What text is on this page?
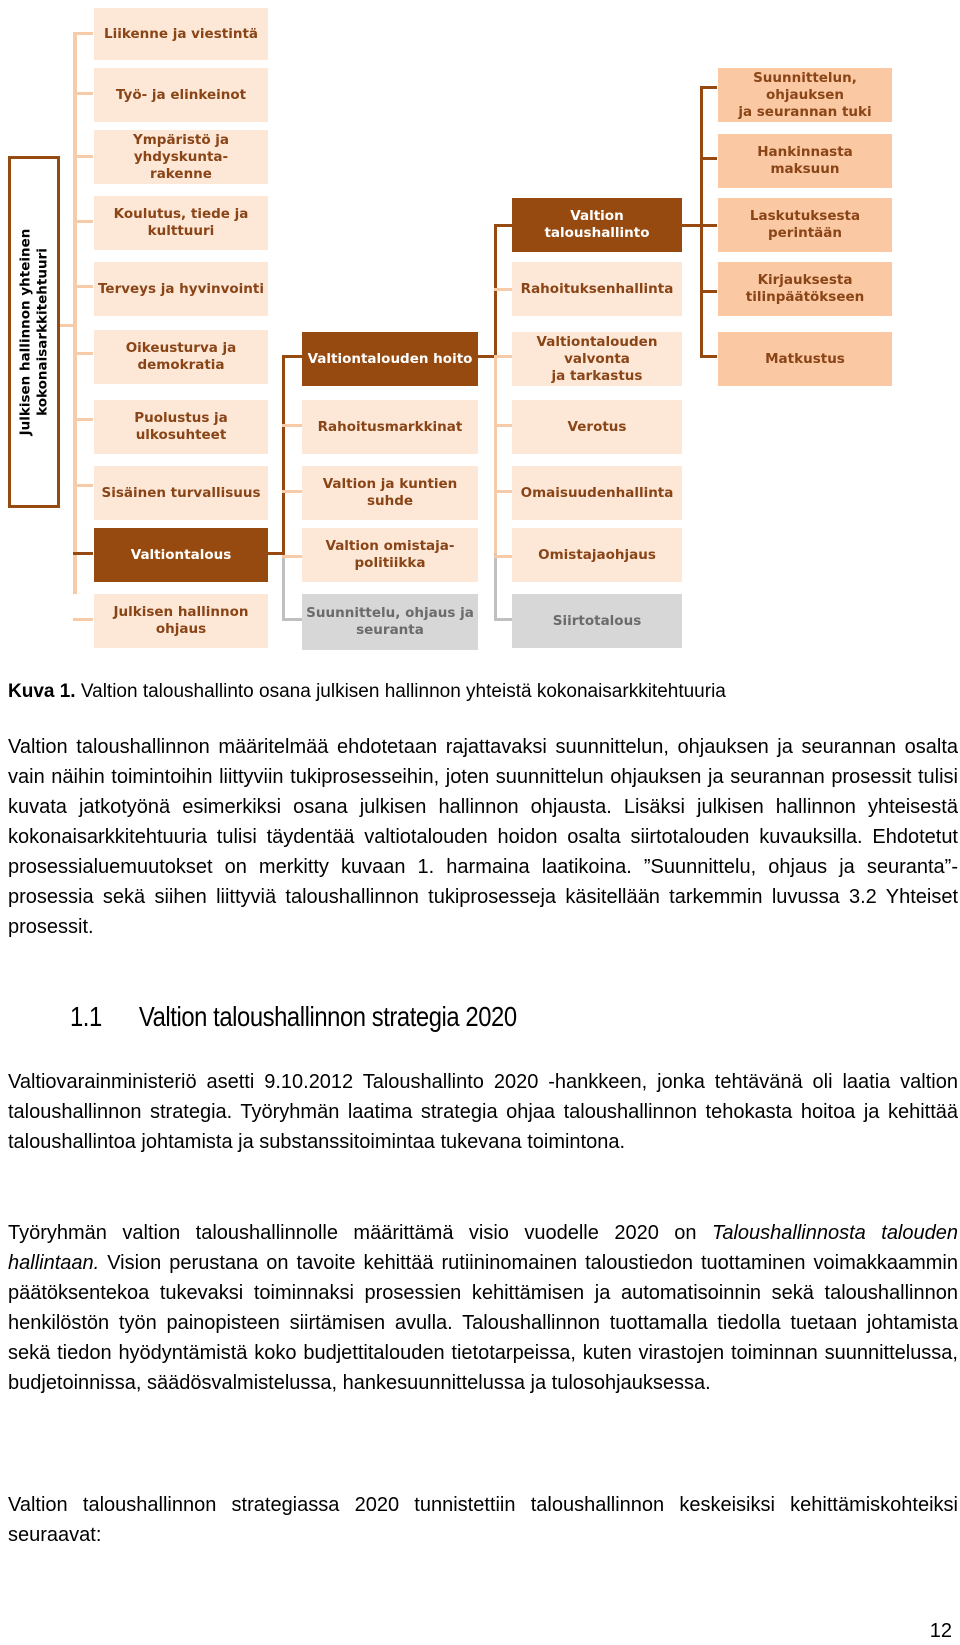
Julkisen hallinnon yhteinen kokonaisarkkitehtuuri
Liikenne ja viestintä
Työ- ja elinkeinot
Ympäristö ja yhdyskunta-
rakenne
Koulutus, tiede ja
kulttuuri
Terveys ja hyvinvointi
Oikeusturva ja
demokratia
Puolustus ja ulkosuhteet
Sisäinen turvallisuus
Valtiontalous
Julkisen hallinnon
ohjaus
Valtiontalouden hoito
Rahoitusmarkkinat
Valtion ja kuntien suhde
Valtion omistaja-
politiikka
Suunnittelu, ohjaus ja
seuranta
Valtion taloushallinto
Rahoituksenhallinta
Valtiontalouden valvonta
ja tarkastus
Verotus
Omaisuudenhallinta
Omistajaohjaus
Siirtotalous
Suunnittelun, ohjauksen
ja seurannan tuki
Hankinnasta
maksuun
Laskutuksesta
perintään
Kirjauksesta
tilinpäätökseen
Matkustus
Kuva 1. Valtion taloushallinto osana julkisen hallinnon yhteistä kokonaisarkkitehtuuria
Valtion taloushallinnon määritelmää ehdotetaan rajattavaksi suunnittelun, ohjauksen ja seurannan osalta vain näihin toimintoihin liittyviin tukiprosesseihin, joten suunnittelun ohjauksen ja seurannan prosessit tulisi kuvata jatkotyönä esimerkiksi osana julkisen hallinnon ohjausta. Lisäksi julkisen hallinnon yhteisestä kokonaisarkkitehtuuria tulisi täydentää valtiotalouden hoidon osalta siirtotalouden kuvauksilla. Ehdotetut prosessialuemuutokset on merkitty kuvaan 1. harmaina laatikoina. ”Suunnittelu, ohjaus ja seuranta”-prosessia sekä siihen liittyviä taloushallinnon tukiprosesseja käsitellään tarkemmin luvussa 3.2 Yhteiset prosessit.
1.1      Valtion taloushallinnon strategia 2020
Valtiovarainministeriö asetti 9.10.2012 Taloushallinto 2020 -hankkeen, jonka tehtävänä oli laatia valtion taloushallinnon strategia. Työryhmän laatima strategia ohjaa taloushallinnon tehokasta hoitoa ja kehittää taloushallintoa johtamista ja substanssitoimintaa tukevana toimintona.
Työryhmän valtion taloushallinnolle määrittämä visio vuodelle 2020 on Taloushallinnosta talouden hallintaan. Vision perustana on tavoite kehittää rutiininomainen taloustiedon tuottaminen voimakkaammin päätöksentekoa tukevaksi toiminnaksi prosessien kehittämisen ja automatisoinnin sekä taloushallinnon henkilöstön työn painopisteen siirtämisen avulla. Taloushallinnon tuottamalla tiedolla tuetaan johtamista sekä tiedon hyödyntämistä koko budjettitalouden tietotarpeissa, kuten virastojen toiminnan suunnittelussa, budjetoinnissa, säädösvalmistelussa, hankesuunnittelussa ja tulosohjauksessa.
Valtion taloushallinnon strategiassa 2020 tunnistettiin taloushallinnon keskeisiksi kehittämiskohteiksi seuraavat:
12
